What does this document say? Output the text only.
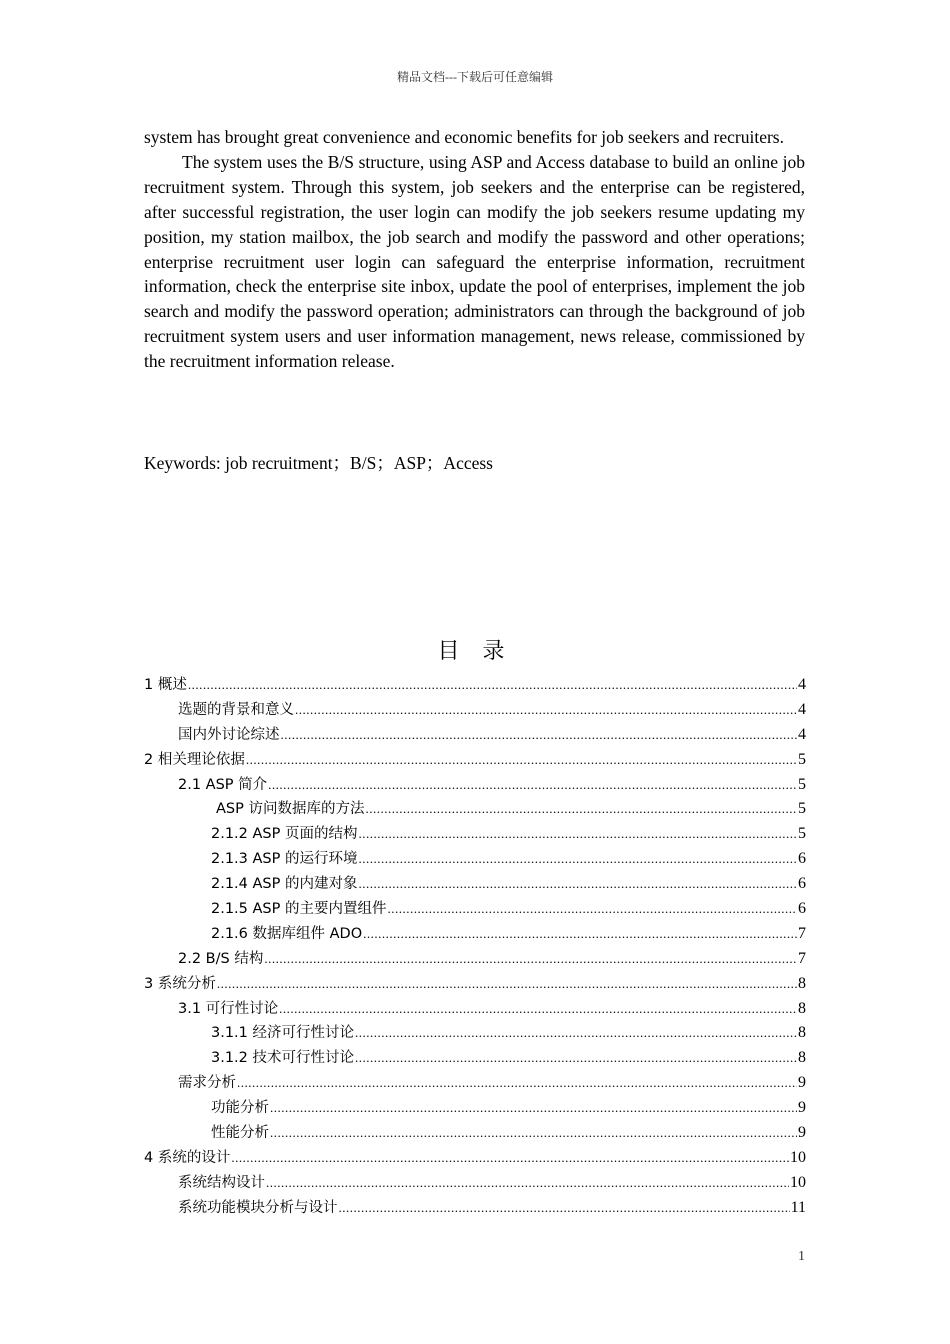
精品文档---下载后可任意编辑

system has brought great convenience and economic benefits for job seekers and recruiters.

The system uses the B/S structure, using ASP and Access database to build an online job recruitment system. Through this system, job seekers and the enterprise can be registered, after successful registration, the user login can modify the job seekers resume updating my position, my station mailbox, the job search and modify the password and other operations; enterprise recruitment user login can safeguard the enterprise information, recruitment information, check the enterprise site inbox, update the pool of enterprises, implement the job search and modify the password operation; administrators can through the background of job recruitment system users and user information management, news release, commissioned by the recruitment information release.

Keywords: job recruitment；B/S；ASP；Access
目 录
1 概述 .....	4
选题的背景和意义 .....	4
国内外讨论综述 .....	4
2 相关理论依据 .....	5
2.1 ASP 简介 .....	5
ASP 访问数据库的方法 .....	5
2.1.2 ASP 页面的结构 .....	5
2.1.3 ASP 的运行环境 .....	6
2.1.4 ASP 的内建对象 .....	6
2.1.5 ASP 的主要内置组件 .....	6
2.1.6 数据库组件 ADO .....	7
2.2 B/S 结构 .....	7
3 系统分析 .....	8
3.1 可行性讨论 .....	8
3.1.1 经济可行性讨论 .....	8
3.1.2 技术可行性讨论 .....	8
需求分析 .....	9
功能分析 .....	9
性能分析 .....	9
4 系统的设计 .....	10
系统结构设计 .....	10
系统功能模块分析与设计 .....	11
1
